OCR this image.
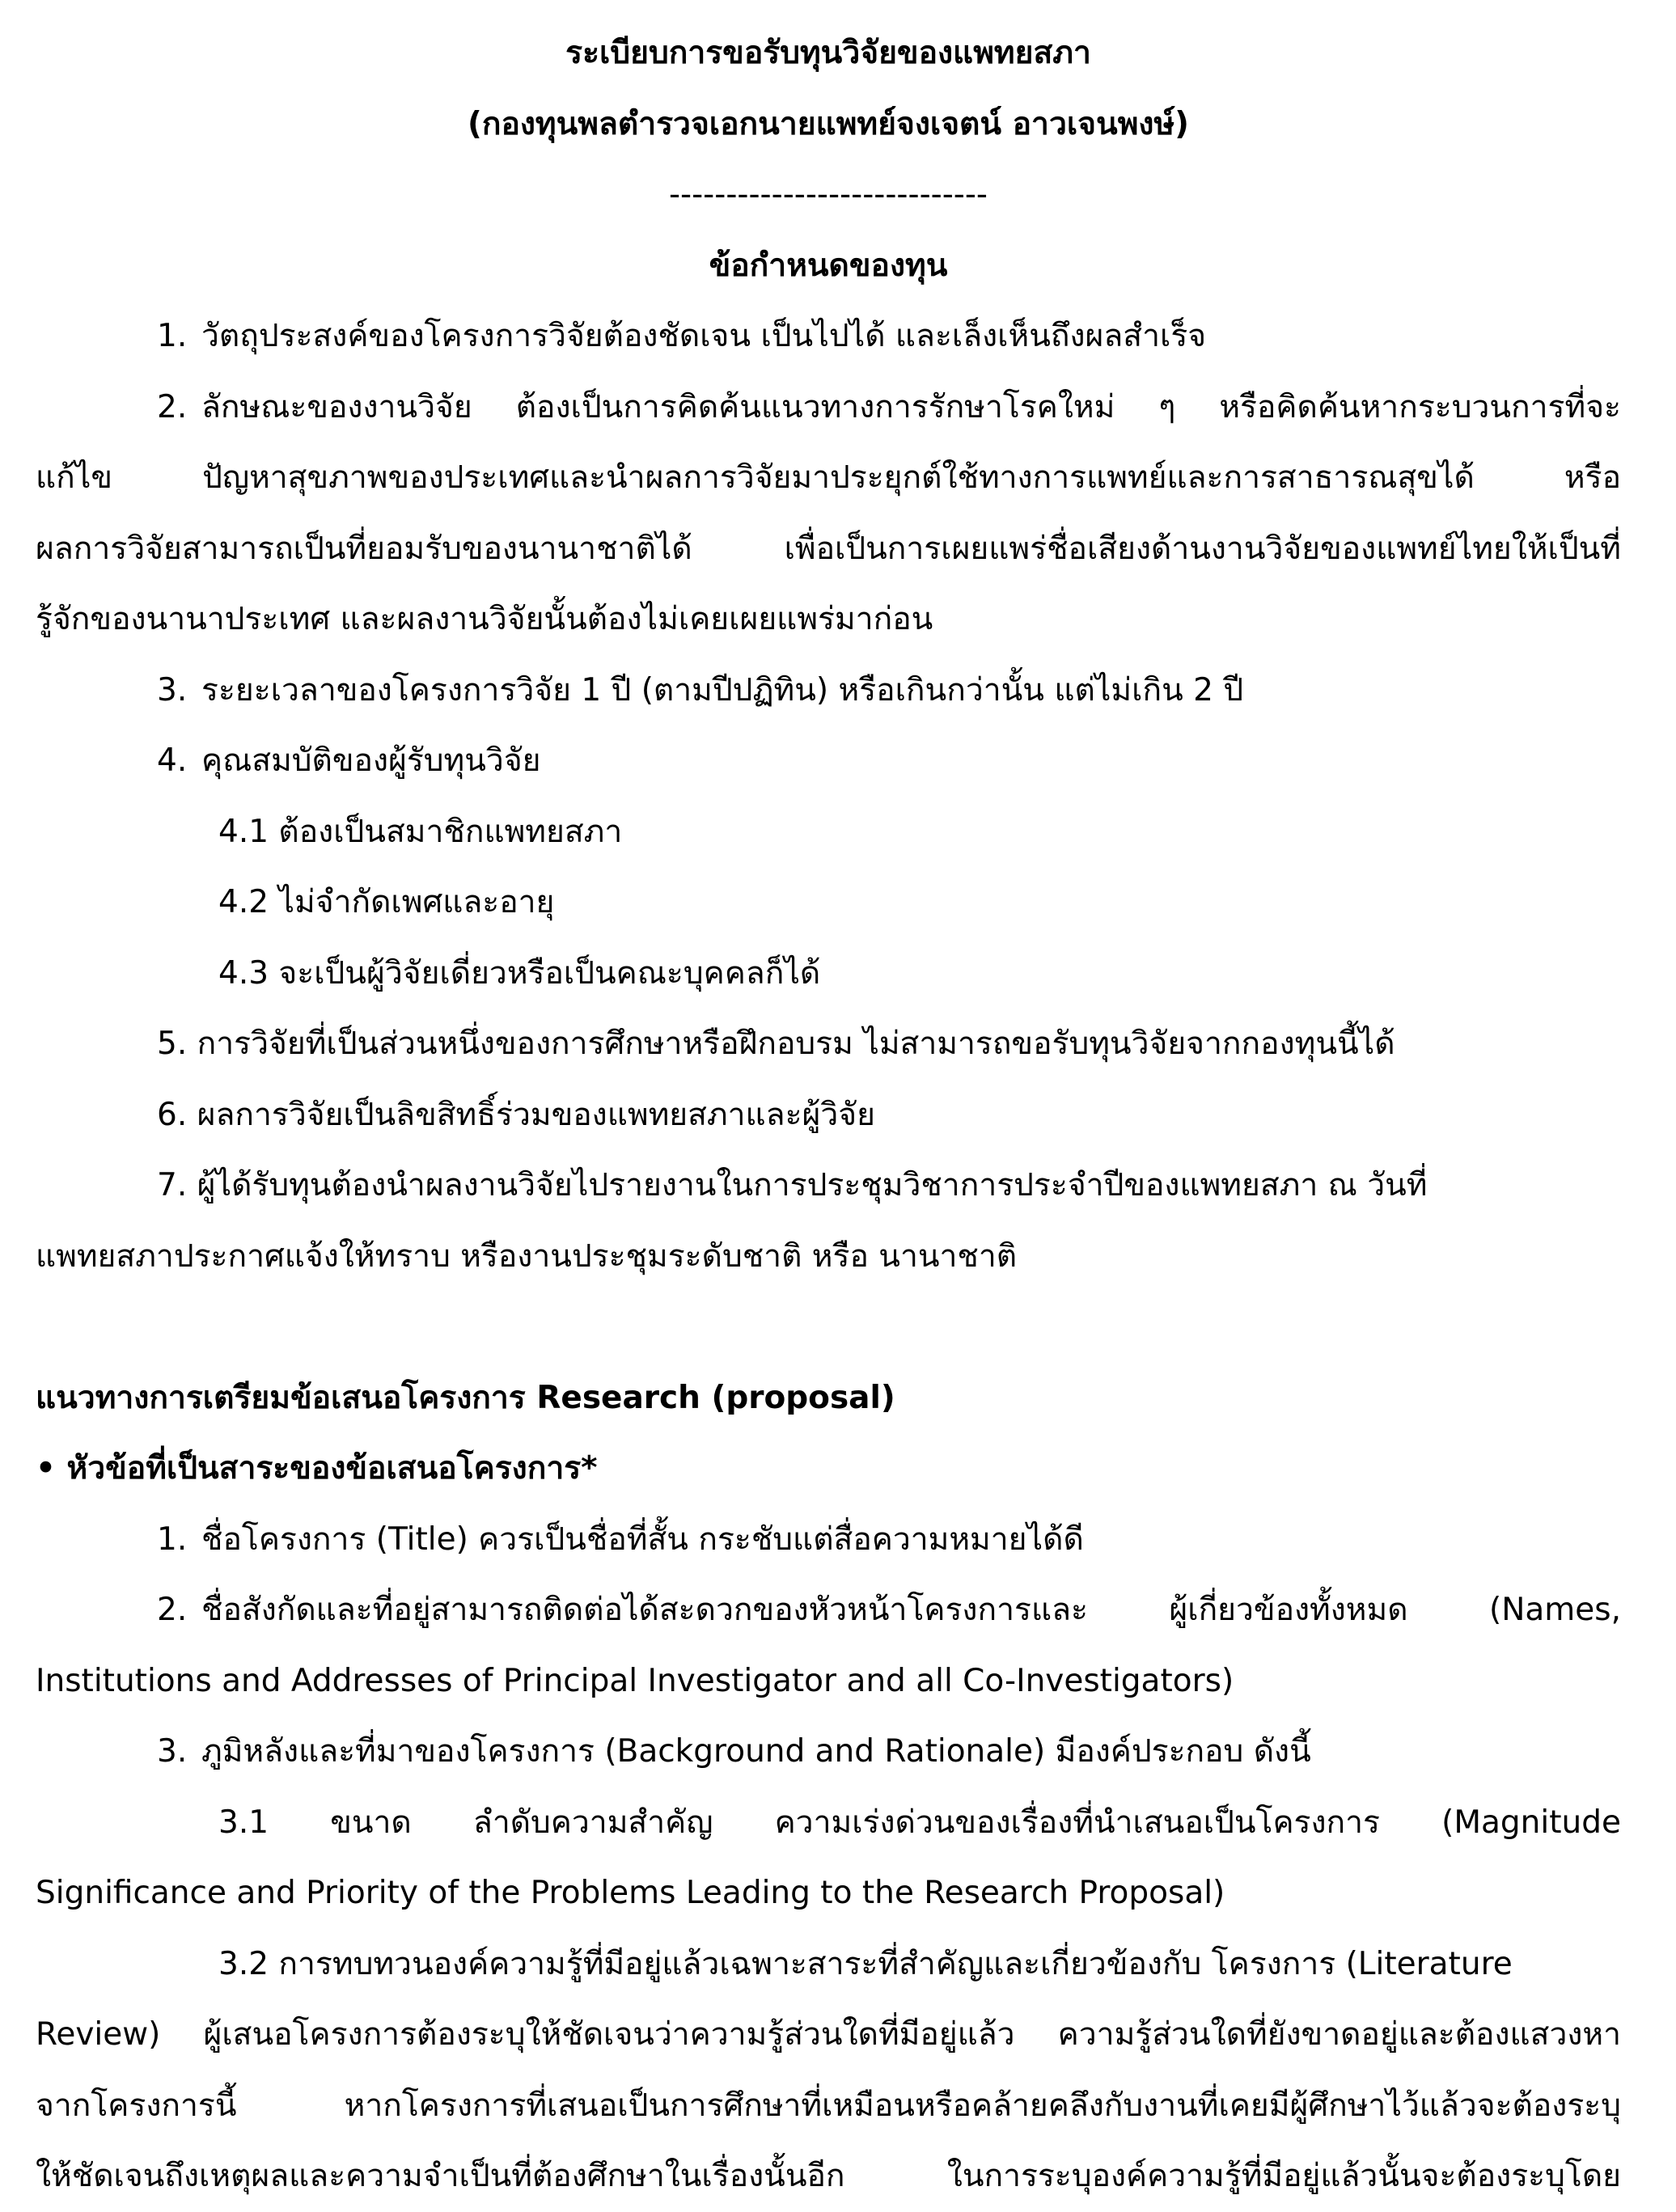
ระเบียบการขอรับทุนวิจัยของแพทยสภา
(กองทุนพลตำรวจเอกนายแพทย์จงเจตน์ อาวเจนพงษ์)
----------------------------
ข้อกำหนดของทุน
1. วัตถุประสงค์ของโครงการวิจัยต้องชัดเจน เป็นไปได้ และเล็งเห็นถึงผลสำเร็จ
2. ลักษณะของงานวิจัย ต้องเป็นการคิดค้นแนวทางการรักษาโรคใหม่ ๆ หรือคิดค้นหากระบวนการที่จะ
แก้ไข ปัญหาสุขภาพของประเทศและนำผลการวิจัยมาประยุกต์ใช้ทางการแพทย์และการสาธารณสุขได้ หรือ
ผลการวิจัยสามารถเป็นที่ยอมรับของนานาชาติได้ เพื่อเป็นการเผยแพร่ชื่อเสียงด้านงานวิจัยของแพทย์ไทยให้เป็นที่
รู้จักของนานาประเทศ และผลงานวิจัยนั้นต้องไม่เคยเผยแพร่มาก่อน
3. ระยะเวลาของโครงการวิจัย 1 ปี (ตามปีปฏิทิน) หรือเกินกว่านั้น แต่ไม่เกิน 2 ปี
4. คุณสมบัติของผู้รับทุนวิจัย
4.1 ต้องเป็นสมาชิกแพทยสภา
4.2 ไม่จำกัดเพศและอายุ
4.3 จะเป็นผู้วิจัยเดี่ยวหรือเป็นคณะบุคคลก็ได้
5. การวิจัยที่เป็นส่วนหนึ่งของการศึกษาหรือฝึกอบรม ไม่สามารถขอรับทุนวิจัยจากกองทุนนี้ได้
6. ผลการวิจัยเป็นลิขสิทธิ์ร่วมของแพทยสภาและผู้วิจัย
7. ผู้ได้รับทุนต้องนำผลงานวิจัยไปรายงานในการประชุมวิชาการประจำปีของแพทยสภา ณ วันที่
แพทยสภาประกาศแจ้งให้ทราบ หรืองานประชุมระดับชาติ หรือ นานาชาติ
แนวทางการเตรียมข้อเสนอโครงการ Research (proposal)
• หัวข้อที่เป็นสาระของข้อเสนอโครงการ*
1. ชื่อโครงการ (Title) ควรเป็นชื่อที่สั้น กระชับแต่สื่อความหมายได้ดี
2. ชื่อสังกัดและที่อยู่สามารถติดต่อได้สะดวกของหัวหน้าโครงการและ ผู้เกี่ยวข้องทั้งหมด (Names,
Institutions and Addresses of Principal Investigator and all Co-Investigators)
3. ภูมิหลังและที่มาของโครงการ (Background and Rationale) มีองค์ประกอบ ดังนี้
3.1 ขนาด ลำดับความสำคัญ ความเร่งด่วนของเรื่องที่นำเสนอเป็นโครงการ (Magnitude
Significance and Priority of the Problems Leading to the Research Proposal)
3.2 การทบทวนองค์ความรู้ที่มีอยู่แล้วเฉพาะสาระที่สำคัญและเกี่ยวข้องกับ โครงการ (Literature
Review) ผู้เสนอโครงการต้องระบุให้ชัดเจนว่าความรู้ส่วนใดที่มีอยู่แล้ว ความรู้ส่วนใดที่ยังขาดอยู่และต้องแสวงหา
จากโครงการนี้ หากโครงการที่เสนอเป็นการศึกษาที่เหมือนหรือคล้ายคลึงกับงานที่เคยมีผู้ศึกษาไว้แล้วจะต้องระบุ
ให้ชัดเจนถึงเหตุผลและความจำเป็นที่ต้องศึกษาในเรื่องนั้นอีก ในการระบุองค์ความรู้ที่มีอยู่แล้วนั้นจะต้องระบุโดย
